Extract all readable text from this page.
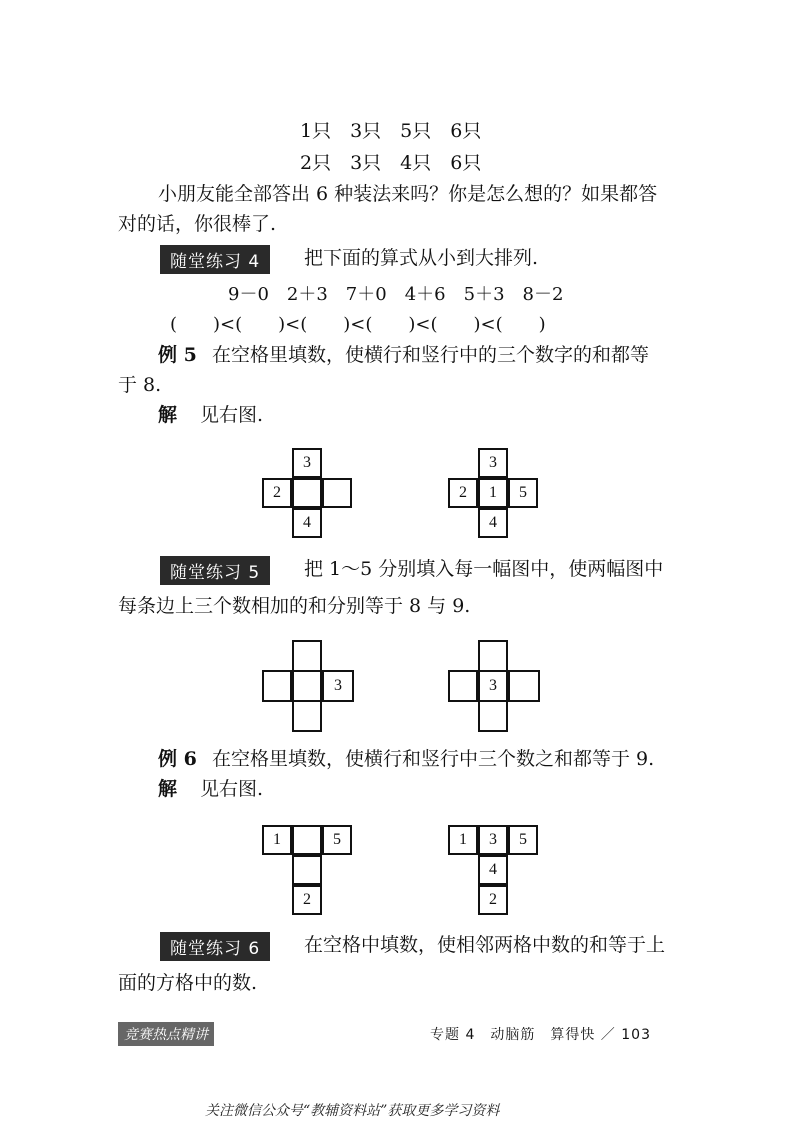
1只　3只　5只　6只
2只　3只　4只　6只
小朋友能全部答出 6 种装法来吗？你是怎么想的？如果都答
对的话，你很棒了.
随堂练习 4	把下面的算式从小到大排列.
9－0　2＋3　7＋0　4＋6　5＋3　8－2
(　　)<(　　)<(　　)<(　　)<(　　)<(　　)
例 5 在空格里填数，使横行和竖行中的三个数字的和都等
于 8.
解 见右图.
3
2
4
3
2	1	5
4
随堂练习 5	把 1～5 分别填入每一幅图中，使两幅图中
每条边上三个数相加的和分别等于 8 与 9.
3	3
例 6 在空格里填数，使横行和竖行中三个数之和都等于 9.
解 见右图.
1	5
2
1	3	5
4
2
随堂练习 6	在空格中填数，使相邻两格中数的和等于上
面的方格中的数.
竞赛热点精讲	专题 4　动脑筋　算得快 ／ 103
关注微信公众号“教辅资料站”获取更多学习资料
